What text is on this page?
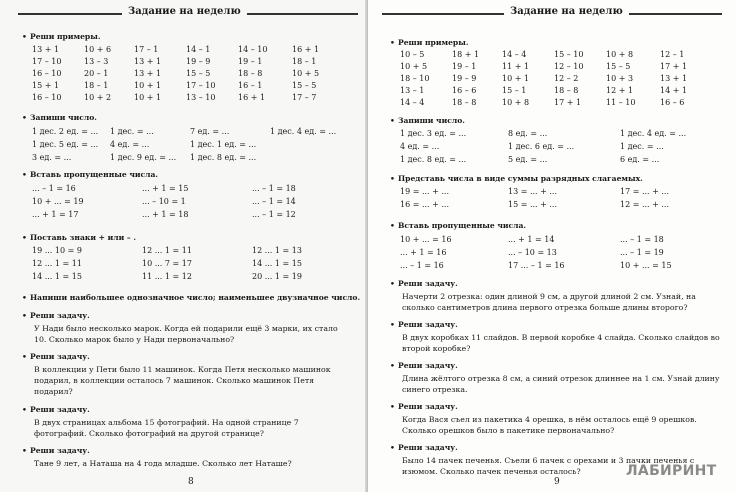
Задание на неделю
• Реши примеры.
13 + 1	10 + 6	17 – 1	14 – 1	14 – 10	16 + 1
17 – 10	13 – 3	13 + 1	19 – 9	19 – 1	18 – 1
16 – 10	20 – 1	13 + 1	15 – 5	18 – 8	10 + 5
15 + 1	18 – 1	10 + 1	17 – 10	16 – 1	15 – 5
16 – 10	10 + 2	10 + 1	13 – 10	16 + 1	17 – 7
• Запиши число.
1 дес. 2 ед. = ... 1 дес. = ...	7 ед. = ...	1 дес. 4 ед. = ...
1 дес. 5 ед. = ... 4 ед. = ...	1 дес. 1 ед. = ...
3 ед. = ...	1 дес. 9 ед. = ... 1 дес. 8 ед. = ...
• Вставь пропущенные числа.
... – 1 = 16	... + 1 = 15	... – 1 = 18
10 + ... = 19	... – 10 = 1	... – 1 = 14
... + 1 = 17	... + 1 = 18	... – 1 = 12
• Поставь знаки + или – .
19 ... 10 = 9	12 ... 1 = 11	12 ... 1 = 13
12 ... 1 = 11	10 ... 7 = 17	14 ... 1 = 15
14 ... 1 = 15	11 ... 1 = 12	20 ... 1 = 19
• Напиши наибольшее однозначное число; наименьшее двузначное число.
• Реши задачу.
У Нади было несколько марок. Когда ей подарили ещё 3 марки, их стало 10. Сколько марок было у Нади первоначально?
• Реши задачу.
В коллекции у Пети было 11 машинок. Когда Петя несколько машинок подарил, в коллекции осталось 7 машинок. Сколько машинок Петя подарил?
• Реши задачу.
В двух страницах альбома 15 фотографий. На одной странице 7 фотографий. Сколько фотографий на другой странице?
• Реши задачу.
Тане 9 лет, а Наташа на 4 года младше. Сколько лет Наташе?
8
Задание на неделю
• Реши примеры.
10 – 5	18 + 1	14 – 4	15 – 10	10 + 8	12 – 1
10 + 5	19 – 1	11 + 1	12 – 10	15 – 5	17 + 1
18 – 10	19 – 9	10 + 1	12 – 2	10 + 3	13 + 1
13 – 1	16 – 6	15 – 1	18 – 8	12 + 1	14 + 1
14 – 4	18 – 8	10 + 8	17 + 1	11 – 10	16 – 6
• Запиши число.
1 дес. 3 ед. = ...	8 ед. = ...	1 дес. 4 ед. = ...
4 ед. = ...	1 дес. 6 ед. = ...	1 дес. = ...
1 дес. 8 ед. = ...	5 ед. = ...	6 ед. = ...
• Представь числа в виде суммы разрядных слагаемых.
19 = ... + ...	13 = ... + ...	17 = ... + ...
16 = ... + ...	15 = ... + ...	12 = ... + ...
• Вставь пропущенные числа.
10 + ... = 16	... + 1 = 14	... – 1 = 18
... + 1 = 16	... – 10 = 13	... – 1 = 19
... – 1 = 16	17 ... – 1 = 16	10 + ... = 15
• Реши задачу.
Начерти 2 отрезка: один длиной 9 см, а другой длиной 2 см. Узнай, на сколько сантиметров длина первого отрезка больше длины второго?
• Реши задачу.
В двух коробках 11 слайдов. В первой коробке 4 слайда. Сколько слайдов во второй коробке?
• Реши задачу.
Длина жёлтого отрезка 8 см, а синий отрезок длиннее на 1 см. Узнай длину синего отрезка.
• Реши задачу.
Когда Вася съел из пакетика 4 орешка, в нём осталось ещё 9 орешков. Сколько орешков было в пакетике первоначально?
• Реши задачу.
Было 14 пачек печенья. Съели 6 пачек с орехами и 3 пачки печенья с изюмом. Сколько пачек печенья осталось?
9
ЛАБИРИНТ
